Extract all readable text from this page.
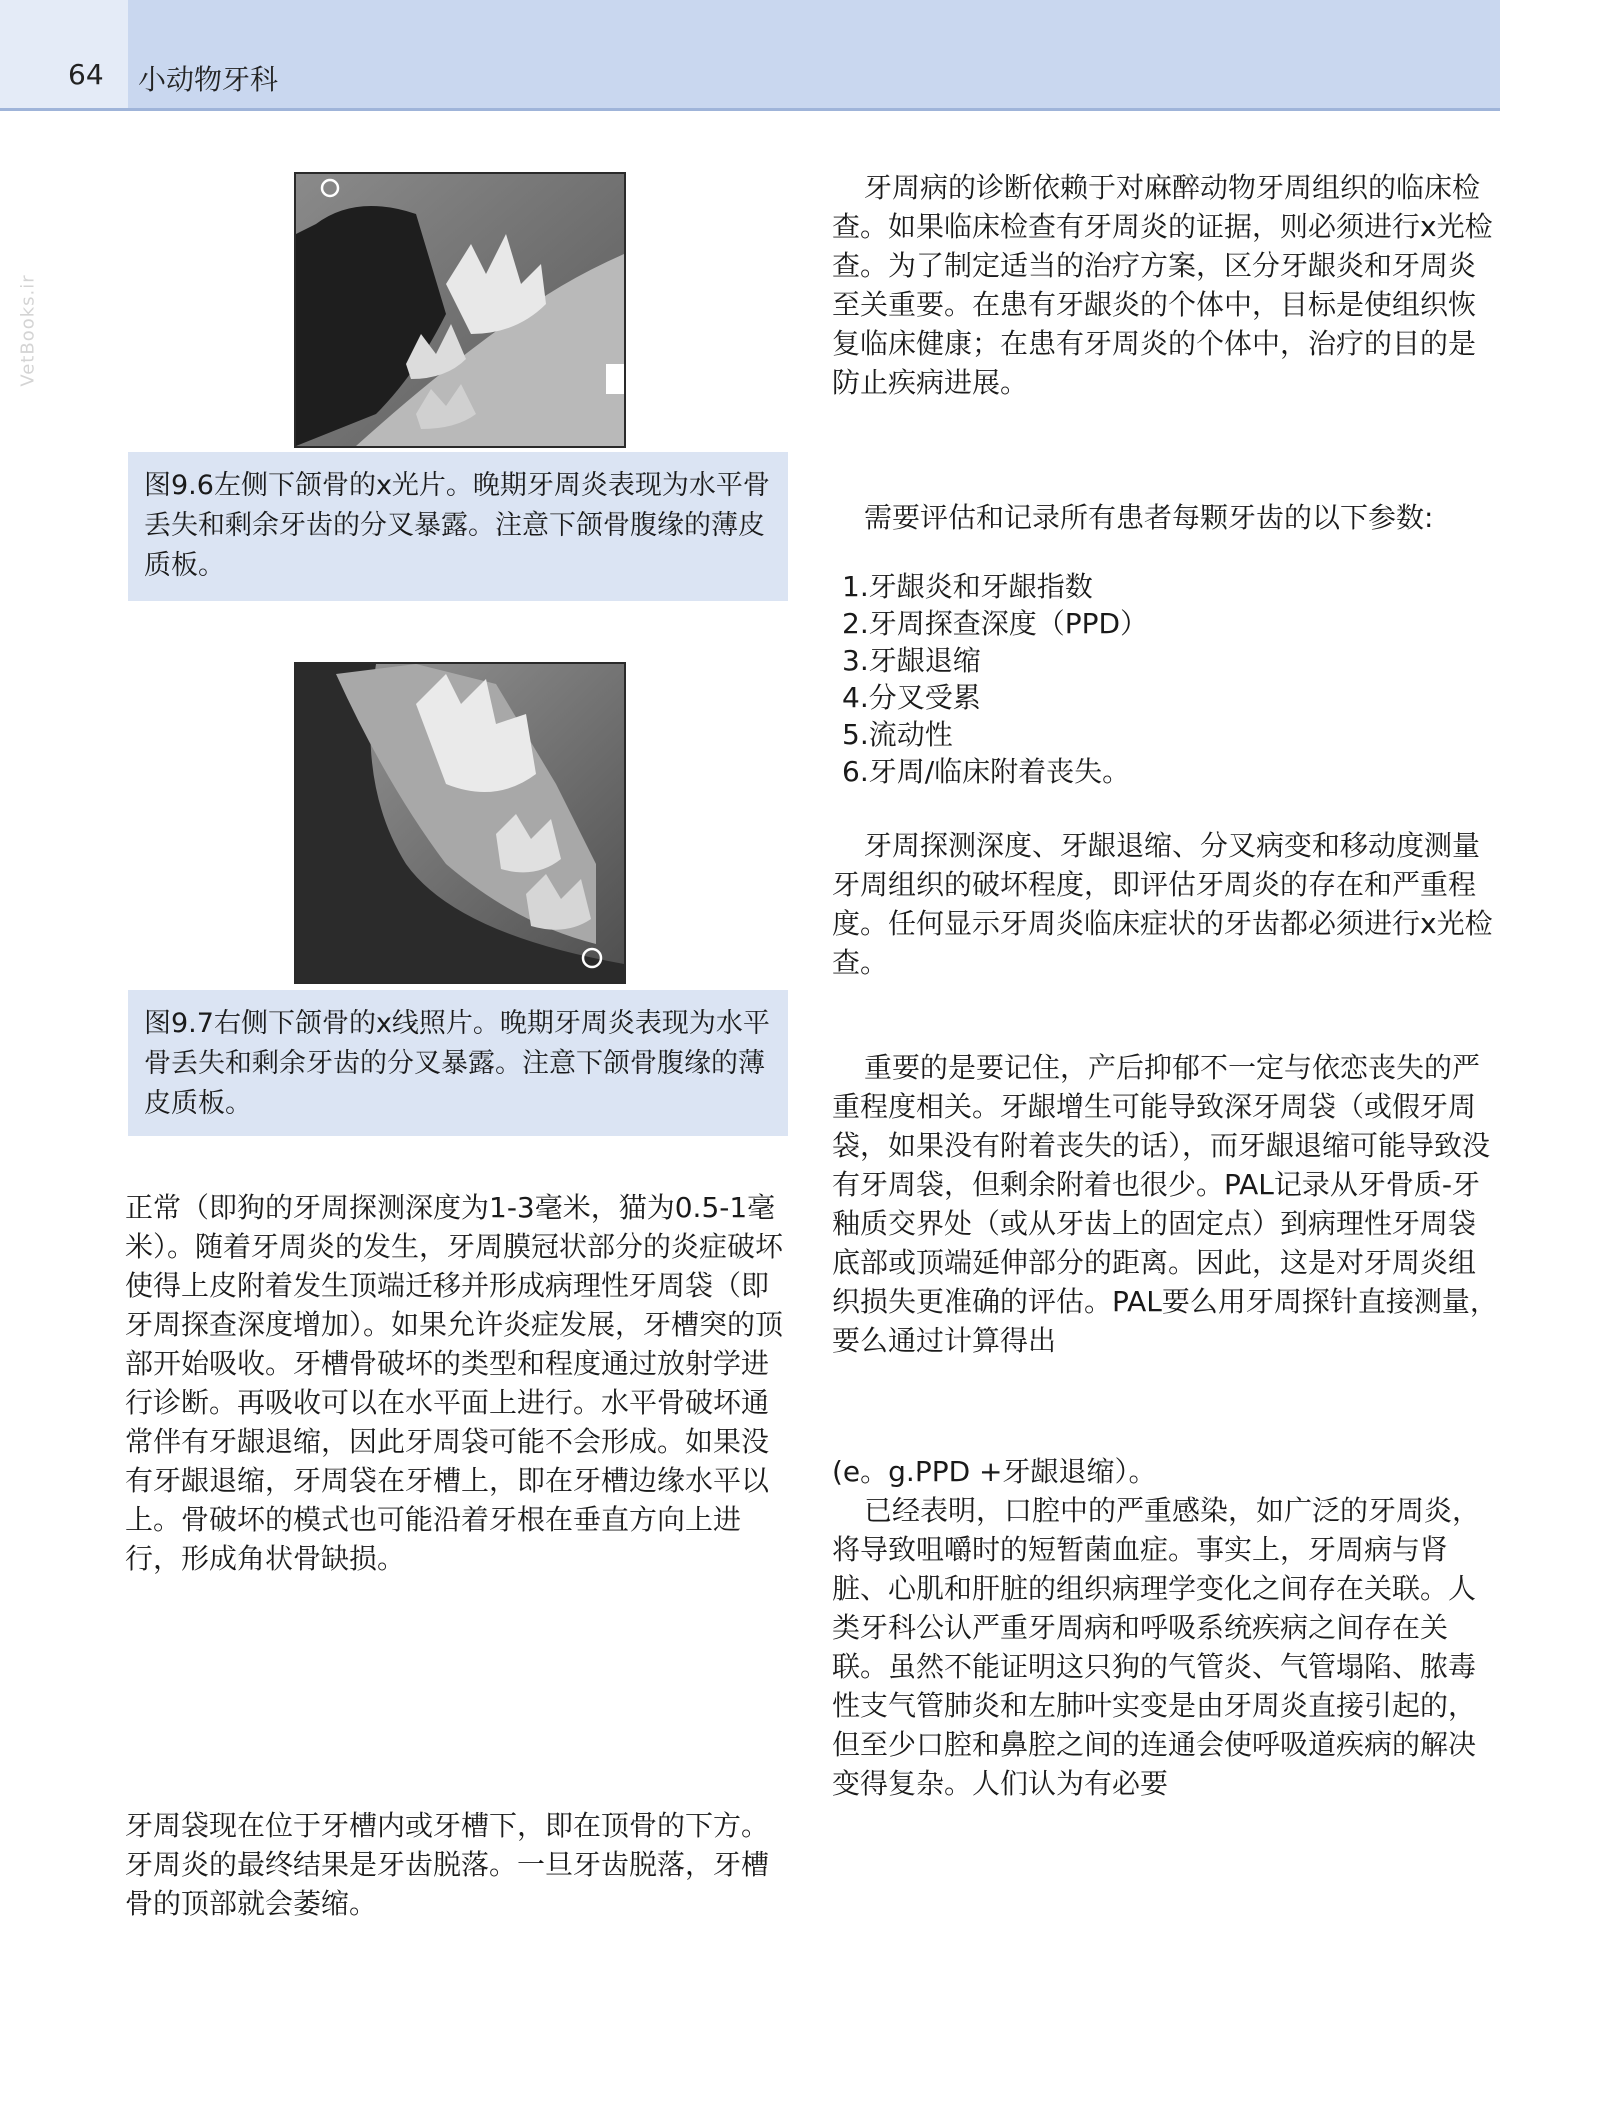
64 小动物牙科
VetBooks.ir
图9.6左侧下颌骨的x光片。晚期牙周炎表现为水平骨丢失和剩余牙齿的分叉暴露。注意下颌骨腹缘的薄皮质板。
图9.7右侧下颌骨的x线照片。晚期牙周炎表现为水平骨丢失和剩余牙齿的分叉暴露。注意下颌骨腹缘的薄皮质板。

正常（即狗的牙周探测深度为1-3毫米，猫为0.5-1毫米）。随着牙周炎的发生，牙周膜冠状部分的炎症破坏使得上皮附着发生顶端迁移并形成病理性牙周袋（即牙周探查深度增加）。如果允许炎症发展，牙槽突的顶部开始吸收。牙槽骨破坏的类型和程度通过放射学进行诊断。再吸收可以在水平面上进行。水平骨破坏通常伴有牙龈退缩，因此牙周袋可能不会形成。如果没有牙龈退缩，牙周袋在牙槽上，即在牙槽边缘水平以上。骨破坏的模式也可能沿着牙根在垂直方向上进行，形成角状骨缺损。

牙周袋现在位于牙槽内或牙槽下，即在顶骨的下方。牙周炎的最终结果是牙齿脱落。一旦牙齿脱落，牙槽骨的顶部就会萎缩。

牙周病的诊断依赖于对麻醉动物牙周组织的临床检查。如果临床检查有牙周炎的证据，则必须进行x光检查。为了制定适当的治疗方案，区分牙龈炎和牙周炎至关重要。在患有牙龈炎的个体中，目标是使组织恢复临床健康；在患有牙周炎的个体中，治疗的目的是防止疾病进展。

需要评估和记录所有患者每颗牙齿的以下参数:

1.牙龈炎和牙龈指数
2.牙周探查深度（PPD）
3.牙龈退缩
4.分叉受累
5.流动性
6.牙周/临床附着丧失。

牙周探测深度、牙龈退缩、分叉病变和移动度测量牙周组织的破坏程度，即评估牙周炎的存在和严重程度。任何显示牙周炎临床症状的牙齿都必须进行x光检查。

重要的是要记住，产后抑郁不一定与依恋丧失的严重程度相关。牙龈增生可能导致深牙周袋（或假牙周袋，如果没有附着丧失的话），而牙龈退缩可能导致没有牙周袋，但剩余附着也很少。PAL记录从牙骨质-牙釉质交界处（或从牙齿上的固定点）到病理性牙周袋底部或顶端延伸部分的距离。因此，这是对牙周炎组织损失更准确的评估。PAL要么用牙周探针直接测量，要么通过计算得出

(e。g.PPD +牙龈退缩）。

已经表明，口腔中的严重感染，如广泛的牙周炎，将导致咀嚼时的短暂菌血症。事实上，牙周病与肾脏、心肌和肝脏的组织病理学变化之间存在关联。人类牙科公认严重牙周病和呼吸系统疾病之间存在关联。虽然不能证明这只狗的气管炎、气管塌陷、脓毒性支气管肺炎和左肺叶实变是由牙周炎直接引起的，但至少口腔和鼻腔之间的连通会使呼吸道疾病的解决变得复杂。人们认为有必要
